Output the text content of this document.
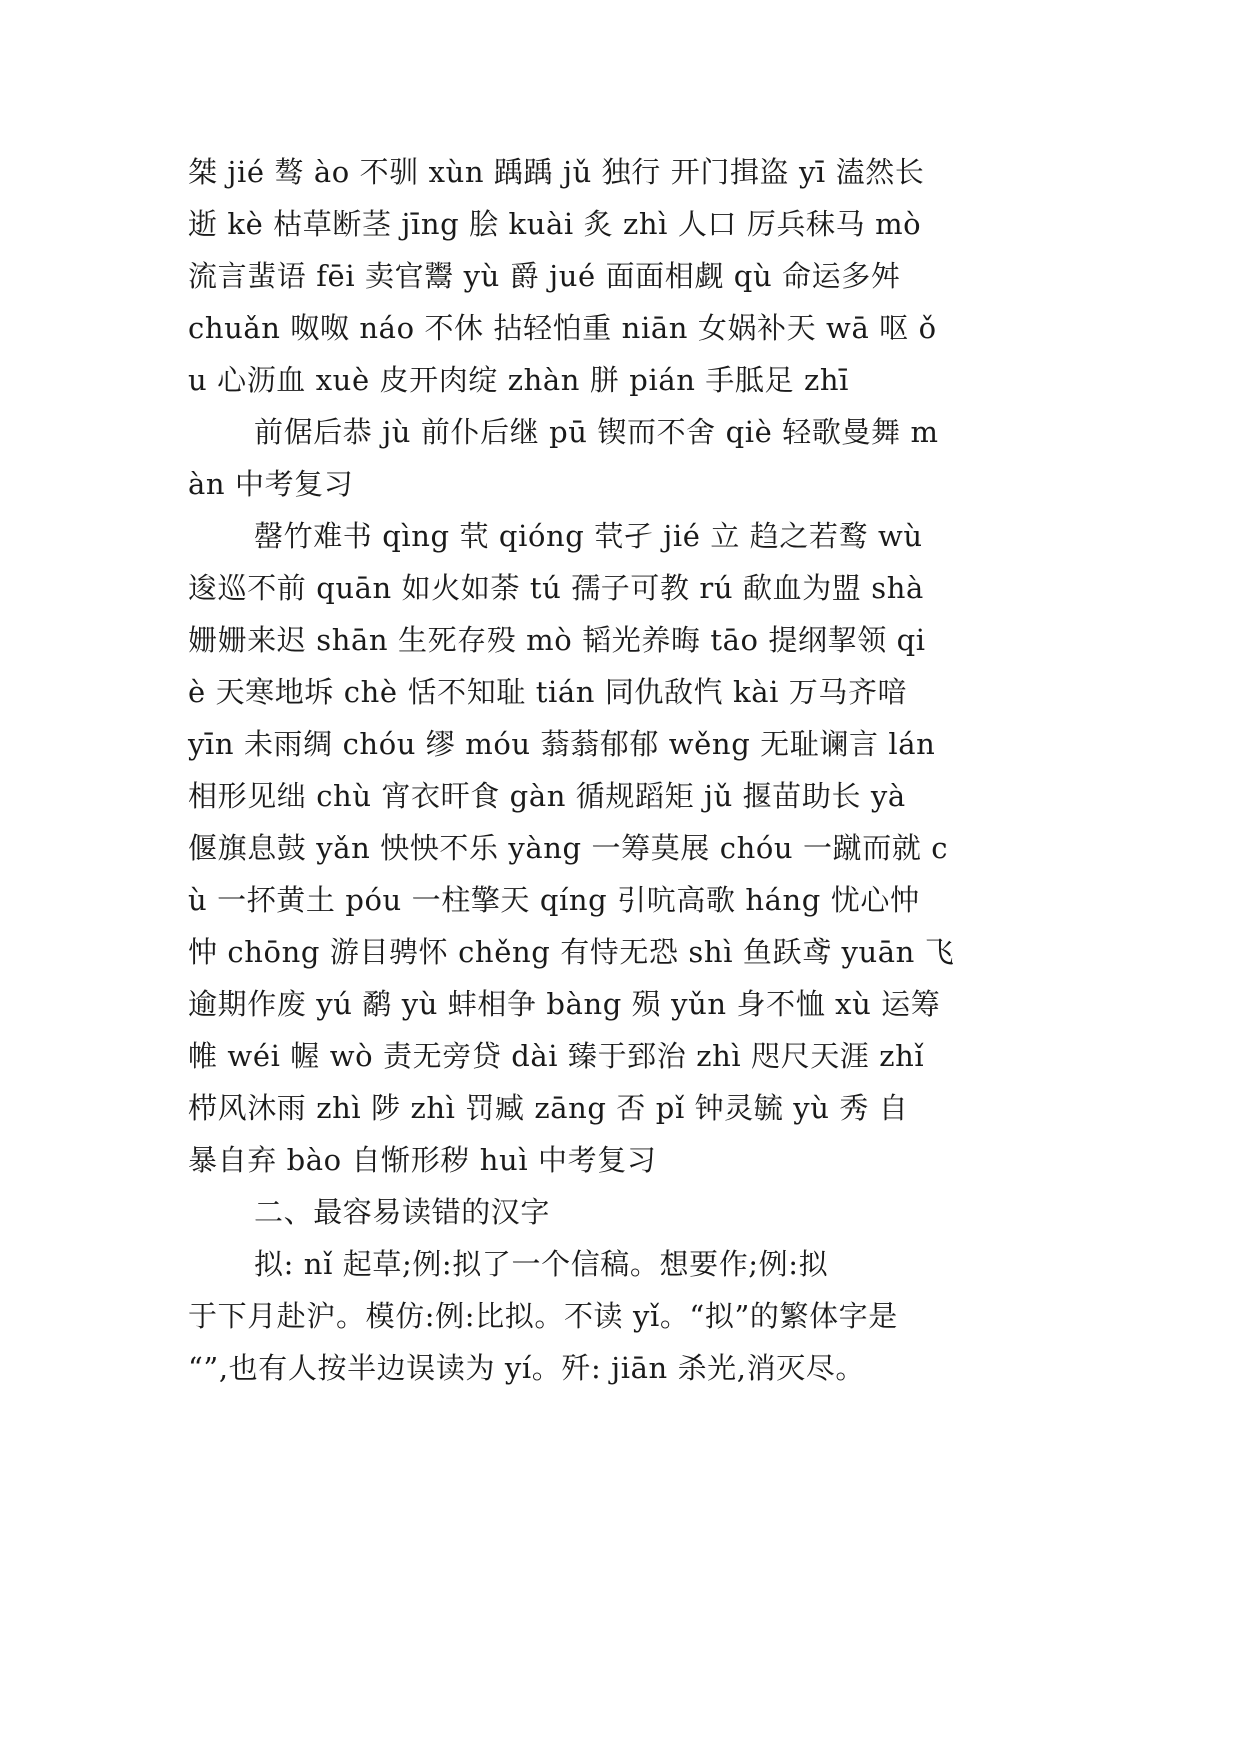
桀 jié 骜 ào 不驯 xùn 踽踽 jǔ 独行 开门揖盗 yī 溘然长
逝 kè 枯草断茎 jīng 脍 kuài 炙 zhì 人口 厉兵秣马 mò
流言蜚语 fēi 卖官鬻 yù 爵 jué 面面相觑 qù 命运多舛
chuǎn 呶呶 náo 不休 拈轻怕重 niān 女娲补天 wā 呕 ǒ
u 心沥血 xuè 皮开肉绽 zhàn 胼 pián 手胝足 zhī
前倨后恭 jù 前仆后继 pū 锲而不舍 qiè 轻歌曼舞 m
àn 中考复习
罄竹难书 qìng 茕 qióng 茕孑 jié 立 趋之若鹜 wù
逡巡不前 quān 如火如荼 tú 孺子可教 rú 歃血为盟 shà
姗姗来迟 shān 生死存殁 mò 韬光养晦 tāo 提纲挈领 qi
è 天寒地坼 chè 恬不知耻 tián 同仇敌忾 kài 万马齐喑
yīn 未雨绸 chóu 缪 móu 蓊蓊郁郁 wěng 无耻谰言 lán
相形见绌 chù 宵衣旰食 gàn 循规蹈矩 jǔ 揠苗助长 yà
偃旗息鼓 yǎn 怏怏不乐 yàng 一筹莫展 chóu 一蹴而就 c
ù 一抔黄土 póu 一柱擎天 qíng 引吭高歌 háng 忧心忡
忡 chōng 游目骋怀 chěng 有恃无恐 shì 鱼跃鸢 yuān 飞
逾期作废 yú 鹬 yù 蚌相争 bàng 殒 yǔn 身不恤 xù 运筹
帷 wéi 幄 wò 责无旁贷 dài 臻于郅治 zhì 咫尺天涯 zhǐ
栉风沐雨 zhì 陟 zhì 罚臧 zāng 否 pǐ 钟灵毓 yù 秀 自
暴自弃 bào 自惭形秽 huì 中考复习
二、最容易读错的汉字
拟: nǐ 起草;例:拟了一个信稿。想要作;例:拟
于下月赴沪。模仿:例:比拟。不读 yǐ。“拟”的繁体字是
“”,也有人按半边误读为 yí。歼: jiān 杀光,消灭尽。
